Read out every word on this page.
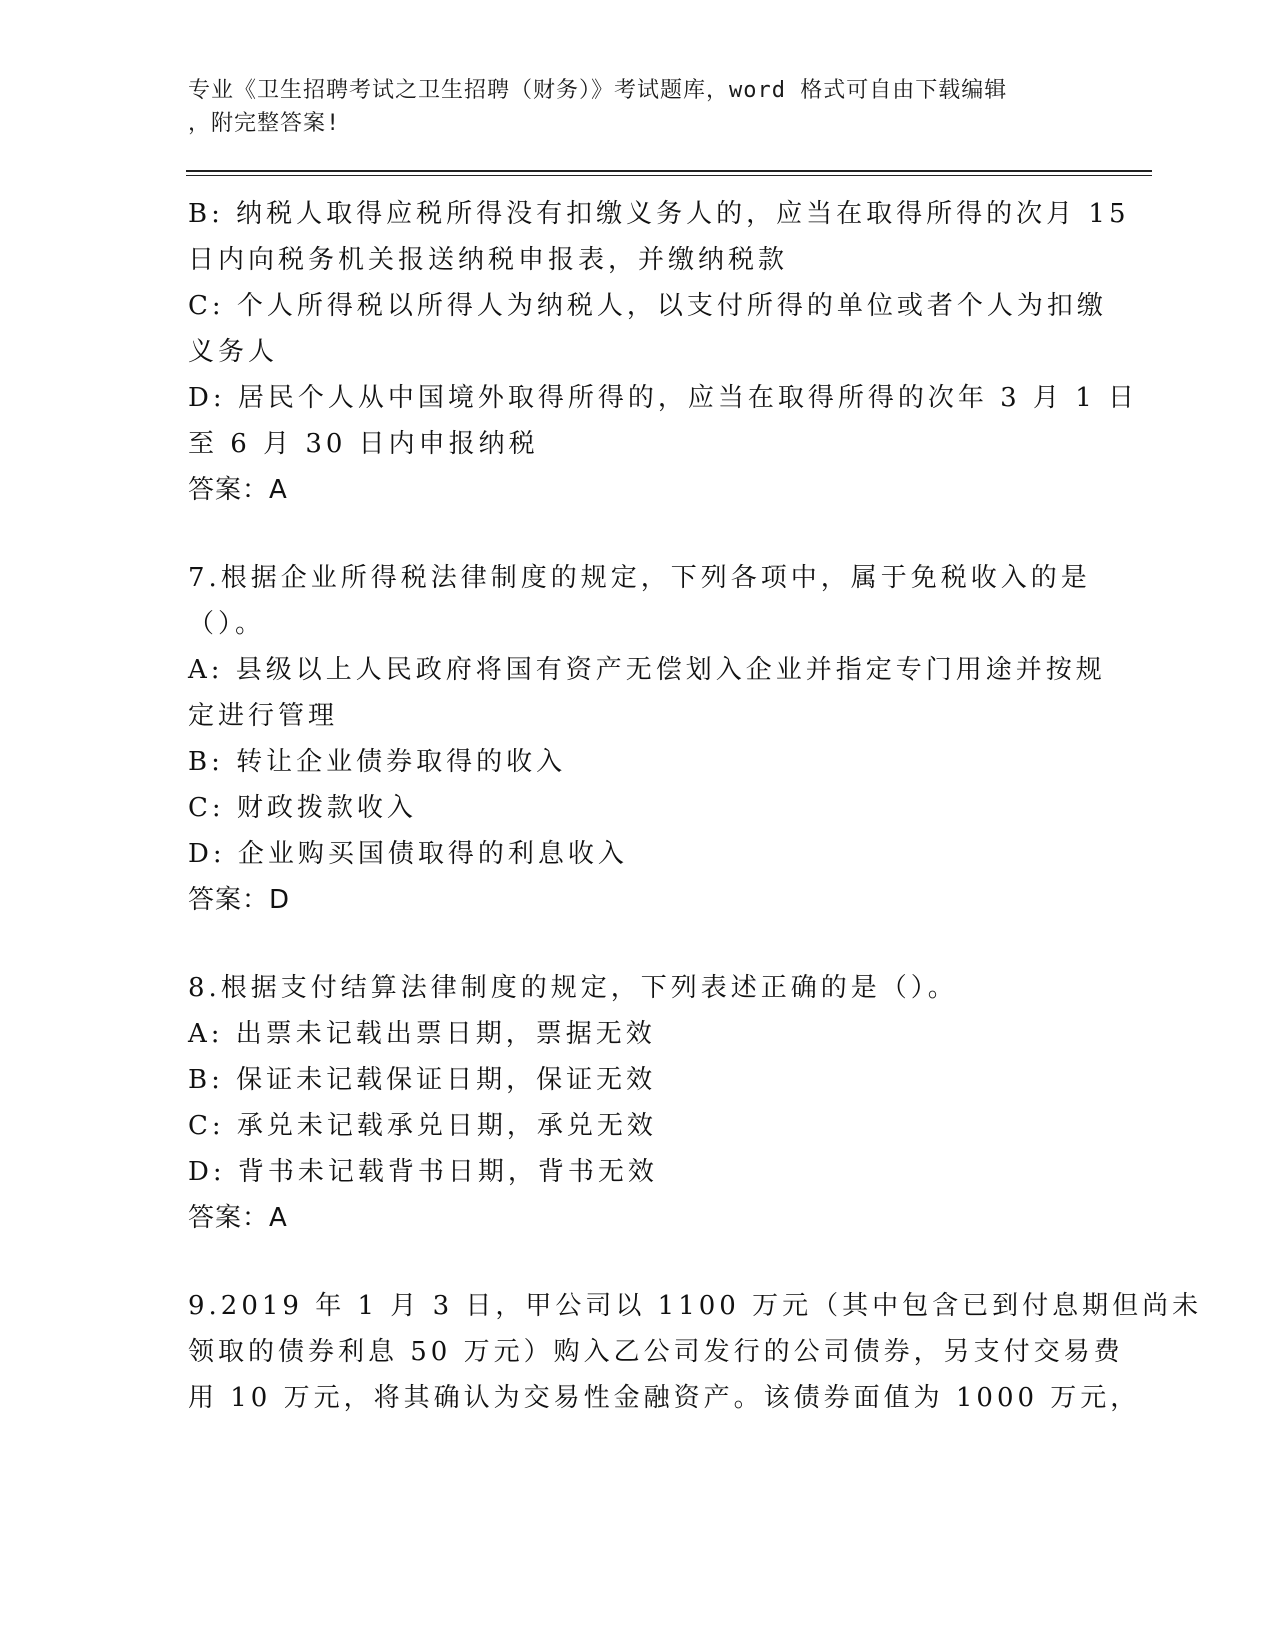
专业《卫生招聘考试之卫生招聘（财务）》考试题库，word 格式可自由下载编辑
，附完整答案!
B: 纳税人取得应税所得没有扣缴义务人的，应当在取得所得的次月 15
日内向税务机关报送纳税申报表，并缴纳税款
C: 个人所得税以所得人为纳税人，以支付所得的单位或者个人为扣缴
义务人
D: 居民个人从中国境外取得所得的，应当在取得所得的次年 3 月 1 日
至 6 月 30 日内申报纳税
答案：A
7.根据企业所得税法律制度的规定，下列各项中，属于免税收入的是
（）。
A: 县级以上人民政府将国有资产无偿划入企业并指定专门用途并按规
定进行管理
B: 转让企业债券取得的收入
C: 财政拨款收入
D: 企业购买国债取得的利息收入
答案：D
8.根据支付结算法律制度的规定，下列表述正确的是（）。
A: 出票未记载出票日期，票据无效
B: 保证未记载保证日期，保证无效
C: 承兑未记载承兑日期，承兑无效
D: 背书未记载背书日期，背书无效
答案：A
9.2019 年 1 月 3 日，甲公司以 1100 万元（其中包含已到付息期但尚未
领取的债券利息 50 万元）购入乙公司发行的公司债券，另支付交易费
用 10 万元，将其确认为交易性金融资产。该债券面值为 1000 万元，
